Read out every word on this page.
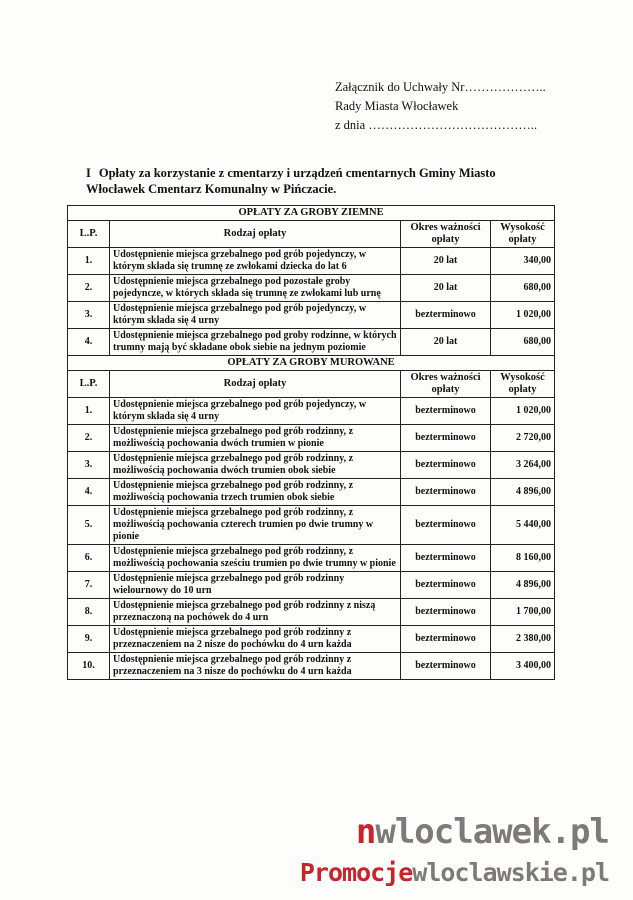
Załącznik do Uchwały Nr………………..
Rady Miasta Włocławek
z dnia …………………………………..
I Opłaty za korzystanie z cmentarzy i urządzeń cmentarnych Gminy Miasto Włocławek Cmentarz Komunalny w Pińczacie.
OPŁATY ZA GROBY ZIEMNE			
L.P.	Rodzaj opłaty	Okres ważności opłaty	Wysokość opłaty
1.	Udostępnienie miejsca grzebalnego pod grób pojedynczy, w którym składa się trumnę ze zwłokami dziecka do lat 6	20 lat	340,00
2.	Udostępnienie miejsca grzebalnego pod pozostałe groby pojedyncze, w których składa się trumnę ze zwłokami lub urnę	20 lat	680,00
3.	Udostępnienie miejsca grzebalnego pod grób pojedynczy, w którym składa się 4 urny	bezterminowo	1 020,00
4.	Udostępnienie miejsca grzebalnego pod groby rodzinne, w których trumny mają być składane obok siebie na jednym poziomie	20 lat	680,00
OPŁATY ZA GROBY MUROWANE			
L.P.	Rodzaj opłaty	Okres ważności opłaty	Wysokość opłaty
1.	Udostępnienie miejsca grzebalnego pod grób pojedynczy, w którym składa się 4 urny	bezterminowo	1 020,00
2.	Udostępnienie miejsca grzebalnego pod grób rodzinny, z możliwością pochowania dwóch trumien w pionie	bezterminowo	2 720,00
3.	Udostępnienie miejsca grzebalnego pod grób rodzinny, z możliwością pochowania dwóch trumien obok siebie	bezterminowo	3 264,00
4.	Udostępnienie miejsca grzebalnego pod grób rodzinny, z możliwością pochowania trzech trumien obok siebie	bezterminowo	4 896,00
5.	Udostępnienie miejsca grzebalnego pod grób rodzinny, z możliwością pochowania czterech trumien po dwie trumny w pionie	bezterminowo	5 440,00
6.	Udostępnienie miejsca grzebalnego pod grób rodzinny, z możliwością pochowania sześciu trumien po dwie trumny w pionie	bezterminowo	8 160,00
7.	Udostępnienie miejsca grzebalnego pod grób rodzinny wielournowy do 10 urn	bezterminowo	4 896,00
8.	Udostępnienie miejsca grzebalnego pod grób rodzinny z niszą przeznaczoną na pochówek do 4 urn	bezterminowo	1 700,00
9.	Udostępnienie miejsca grzebalnego pod grób rodzinny z przeznaczeniem na 2 nisze do pochówku do 4 urn każda	bezterminowo	2 380,00
10.	Udostępnienie miejsca grzebalnego pod grób rodzinny z przeznaczeniem na 3 nisze do pochówku do 4 urn każda	bezterminowo	3 400,00
nwloclawek.pl
Promocjewloclawskie.pl
